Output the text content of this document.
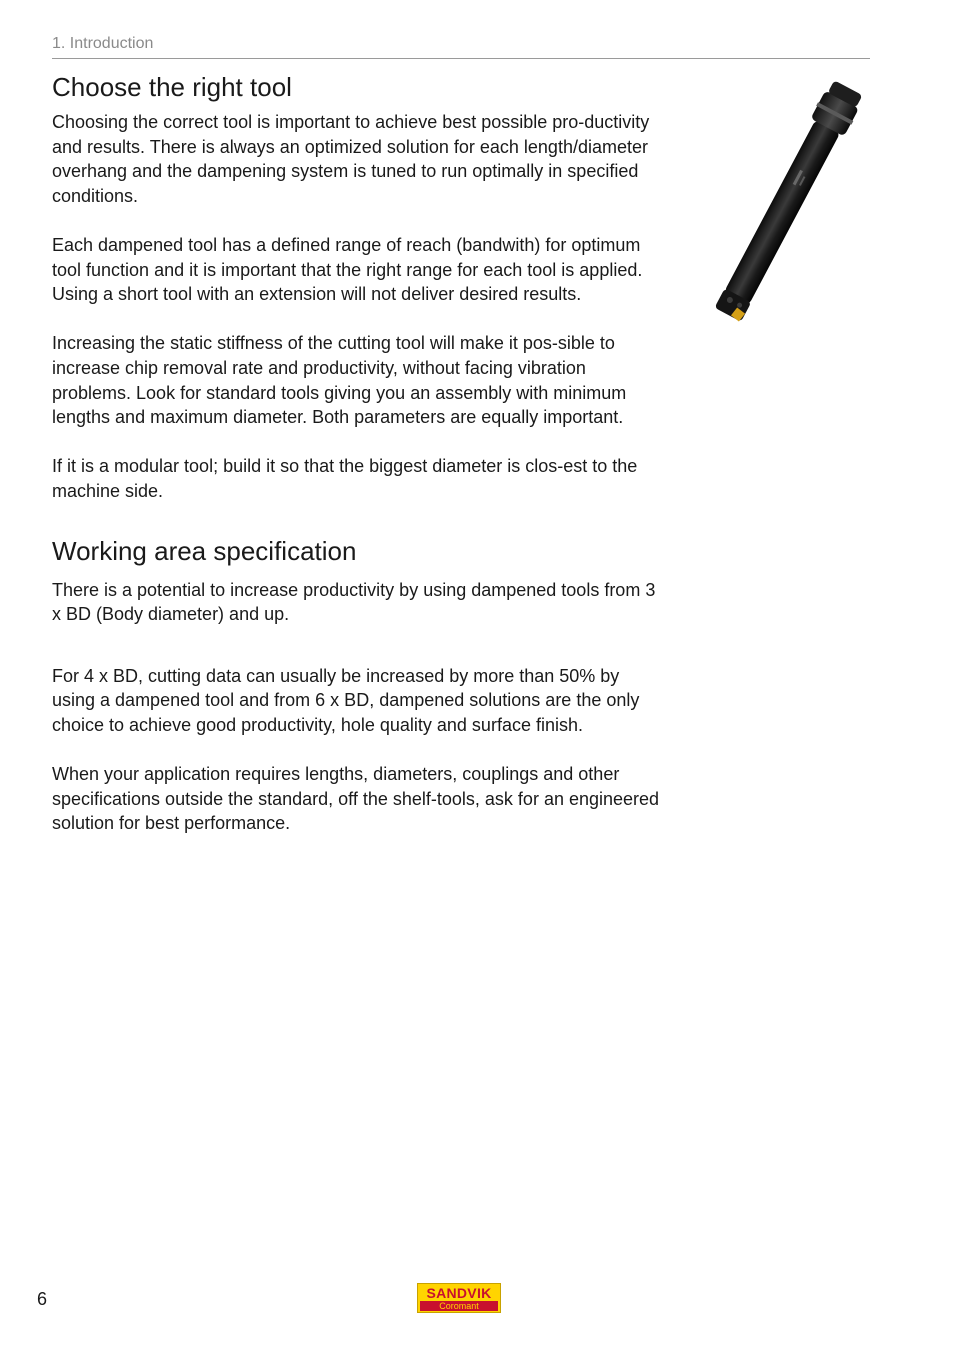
1. Introduction
Choose the right tool

Choosing the correct tool is important to achieve best possible pro-ductivity and results. There is always an optimized solution for each length/diameter overhang and the dampening system is tuned to run optimally in specified conditions.

Each dampened tool has a defined range of reach (bandwith) for optimum tool function and it is important that the right range for each tool is applied. Using a short tool with an extension will not deliver desired results.

Increasing the static stiffness of the cutting tool will make it pos-sible to increase chip removal rate and productivity, without facing vibration problems. Look for standard tools giving you an assembly with minimum lengths and maximum diameter. Both parameters are equally important.

If it is a modular tool; build it so that the biggest diameter is clos-est to the machine side.

Working area specification

There is a potential to increase productivity by using dampened tools from 3 x BD (Body diameter) and up.

For 4 x BD, cutting data can usually be increased by more than 50% by using a dampened tool and from 6 x BD, dampened solutions are the only choice to achieve good productivity, hole quality and surface finish.

When your application requires lengths, diameters, couplings and other specifications outside the standard, off the shelf-tools, ask for an engineered solution for best performance.

6	SANDVIK
Coromant
